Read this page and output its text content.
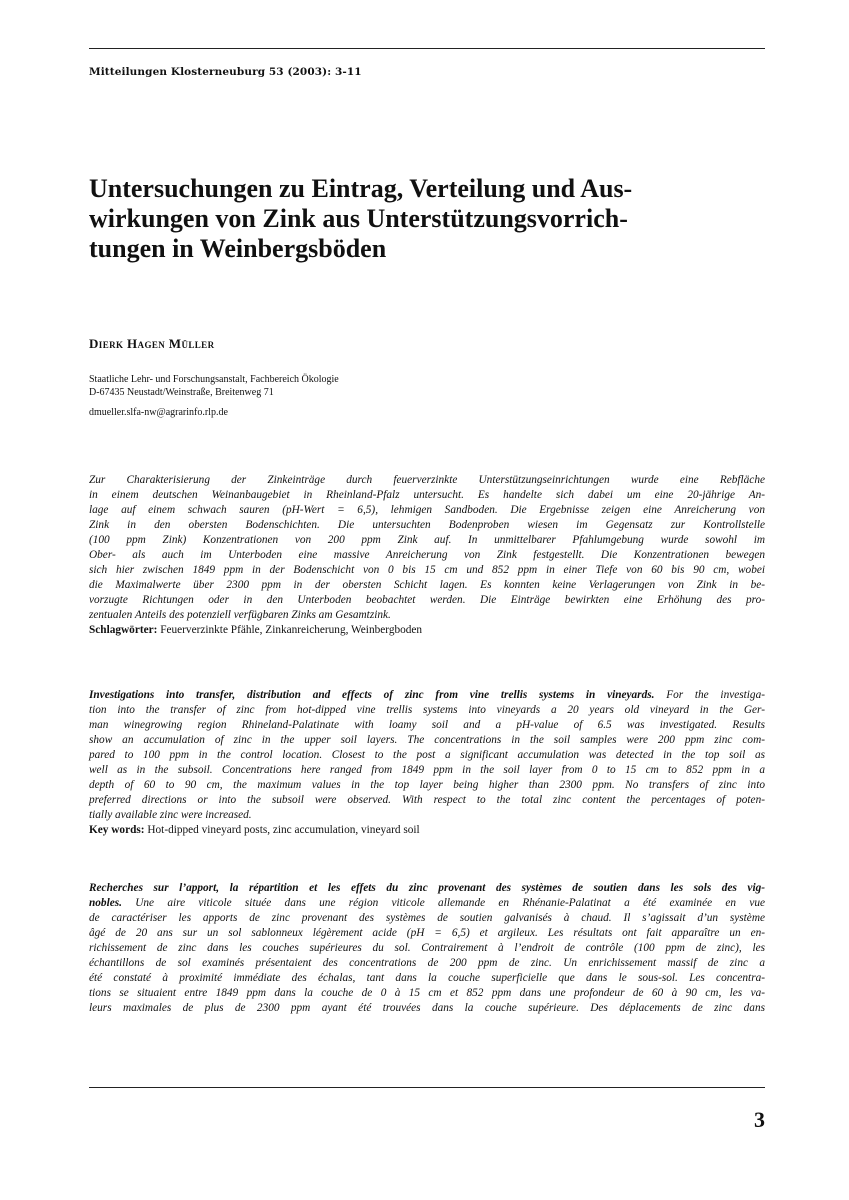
Mitteilungen Klosterneuburg 53 (2003): 3-11
Untersuchungen zu Eintrag, Verteilung und Aus-
wirkungen von Zink aus Unterstützungsvorrich-
tungen in Weinbergsböden
Dierk Hagen Müller
Staatliche Lehr- und Forschungsanstalt, Fachbereich Ökologie
D-67435 Neustadt/Weinstraße, Breitenweg 71
dmueller.slfa-nw@agrarinfo.rlp.de
Zur Charakterisierung der Zinkeinträge durch feuerverzinkte Unterstützungseinrichtungen wurde eine Rebfläche
in einem deutschen Weinanbaugebiet in Rheinland-Pfalz untersucht. Es handelte sich dabei um eine 20-jährige An-
lage auf einem schwach sauren (pH-Wert = 6,5), lehmigen Sandboden. Die Ergebnisse zeigen eine Anreicherung von
Zink in den obersten Bodenschichten. Die untersuchten Bodenproben wiesen im Gegensatz zur Kontrollstelle
(100 ppm Zink) Konzentrationen von 200 ppm Zink auf. In unmittelbarer Pfahlumgebung wurde sowohl im
Ober- als auch im Unterboden eine massive Anreicherung von Zink festgestellt. Die Konzentrationen bewegen
sich hier zwischen 1849 ppm in der Bodenschicht von 0 bis 15 cm und 852 ppm in einer Tiefe von 60 bis 90 cm, wobei
die Maximalwerte über 2300 ppm in der obersten Schicht lagen. Es konnten keine Verlagerungen von Zink in be-
vorzugte Richtungen oder in den Unterboden beobachtet werden. Die Einträge bewirkten eine Erhöhung des pro-
zentualen Anteils des potenziell verfügbaren Zinks am Gesamtzink.
Schlagwörter: Feuerverzinkte Pfähle, Zinkanreicherung, Weinbergboden
Investigations into transfer, distribution and effects of zinc from vine trellis systems in vineyards. For the investiga-
tion into the transfer of zinc from hot-dipped vine trellis systems into vineyards a 20 years old vineyard in the Ger-
man winegrowing region Rhineland-Palatinate with loamy soil and a pH-value of 6.5 was investigated. Results
show an accumulation of zinc in the upper soil layers. The concentrations in the soil samples were 200 ppm zinc com-
pared to 100 ppm in the control location. Closest to the post a significant accumulation was detected in the top soil as
well as in the subsoil. Concentrations here ranged from 1849 ppm in the soil layer from 0 to 15 cm to 852 ppm in a
depth of 60 to 90 cm, the maximum values in the top layer being higher than 2300 ppm. No transfers of zinc into
preferred directions or into the subsoil were observed. With respect to the total zinc content the percentages of poten-
tially available zinc were increased.
Key words: Hot-dipped vineyard posts, zinc accumulation, vineyard soil
Recherches sur l’apport, la répartition et les effets du zinc provenant des systèmes de soutien dans les sols des vig-
nobles. Une aire viticole située dans une région viticole allemande en Rhénanie-Palatinat a été examinée en vue
de caractériser les apports de zinc provenant des systèmes de soutien galvanisés à chaud. Il s’agissait d’un système
âgé de 20 ans sur un sol sablonneux légèrement acide (pH = 6,5) et argileux. Les résultats ont fait apparaître un en-
richissement de zinc dans les couches supérieures du sol. Contrairement à l’endroit de contrôle (100 ppm de zinc), les
échantillons de sol examinés présentaient des concentrations de 200 ppm de zinc. Un enrichissement massif de zinc a
été constaté à proximité immédiate des échalas, tant dans la couche superficielle que dans le sous-sol. Les concentra-
tions se situaient entre 1849 ppm dans la couche de 0 à 15 cm et 852 ppm dans une profondeur de 60 à 90 cm, les va-
leurs maximales de plus de 2300 ppm ayant été trouvées dans la couche supérieure. Des déplacements de zinc dans
3
